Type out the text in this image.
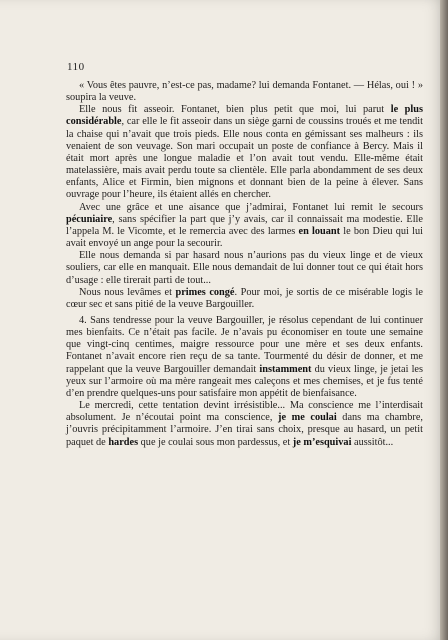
110

« Vous êtes pauvre, n’est-ce pas, madame? lui demanda Fontanet. — Hélas, oui ! » soupira la veuve.

Elle nous fit asseoir. Fontanet, bien plus petit que moi, lui parut le plus considérable, car elle le fit asseoir dans un siège garni de coussins troués et me tendit la chaise qui n’avait que trois pieds. Elle nous conta en gémissant ses malheurs : ils venaient de son veuvage. Son mari occupait un poste de confiance à Bercy. Mais il était mort après une longue maladie et l’on avait tout vendu. Elle-même était matelassière, mais avait perdu toute sa clientèle. Elle parla abondamment de ses deux enfants, Alice et Firmin, bien mignons et donnant bien de la peine à élever. Sans ouvrage pour l’heure, ils étaient allés en chercher.

Avec une grâce et une aisance que j’admirai, Fontanet lui remit le secours pécuniaire, sans spécifier la part que j’y avais, car il connaissait ma modestie. Elle l’appela M. le Vicomte, et le remercia avec des larmes en louant le bon Dieu qui lui avait envoyé un ange pour la secourir.

Elle nous demanda si par hasard nous n’aurions pas du vieux linge et de vieux souliers, car elle en manquait. Elle nous demandait de lui donner tout ce qui était hors d’usage : elle tirerait parti de tout...

Nous nous levâmes et primes congé. Pour moi, je sortis de ce misérable logis le cœur sec et sans pitié de la veuve Bargouiller.

4. Sans tendresse pour la veuve Bargouiller, je résolus cependant de lui continuer mes bienfaits. Ce n’était pas facile. Je n’avais pu économiser en toute une semaine que vingt-cinq centimes, maigre ressource pour une mère et ses deux enfants. Fontanet n’avait encore rien reçu de sa tante. Tourmenté du désir de donner, et me rappelant que la veuve Bargouiller demandait instamment du vieux linge, je jetai les yeux sur l’armoire où ma mère rangeait mes caleçons et mes chemises, et je fus tenté d’en prendre quelques-uns pour satisfaire mon appétit de bienfaisance.

Le mercredi, cette tentation devint irrésistible... Ma conscience me l’interdisait absolument. Je n’écoutai point ma conscience, je me coulai dans ma chambre, j’ouvris précipitamment l’armoire. J’en tirai sans choix, presque au hasard, un petit paquet de hardes que je coulai sous mon pardessus, et je m’esquivai aussitôt...
